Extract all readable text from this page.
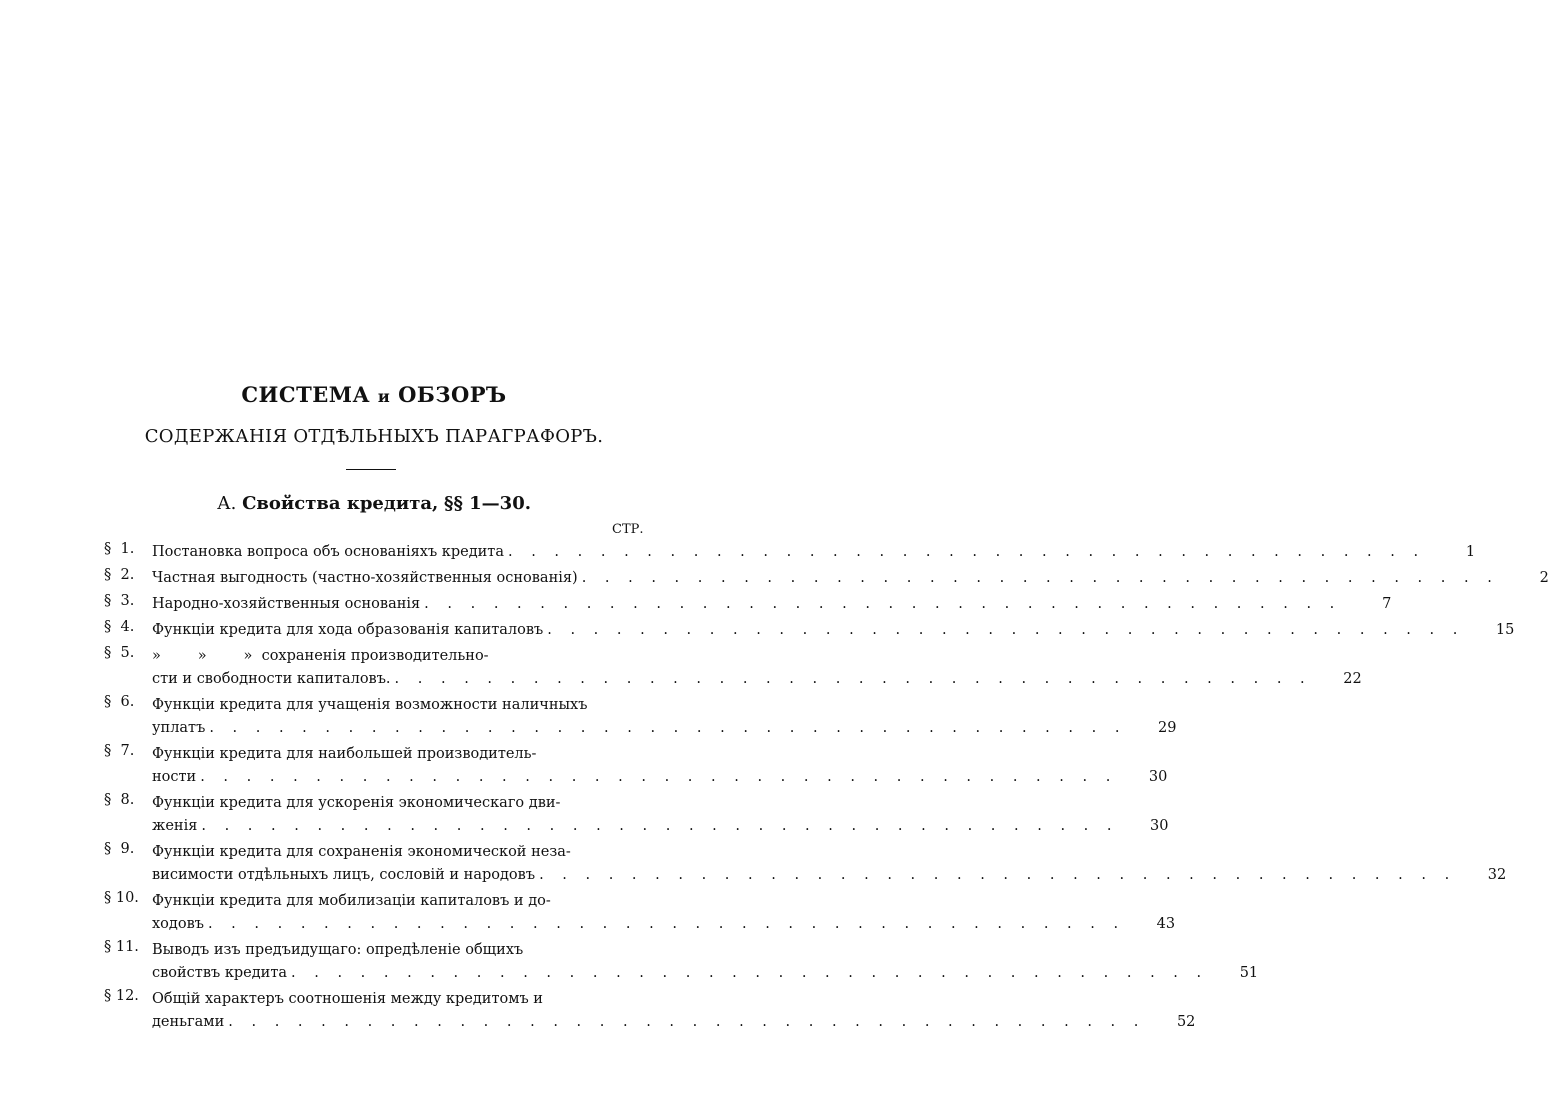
СИСТЕМА и ОБЗОРЪ
СОДЕРЖАНІЯ ОТДѢЛЬНЫХЪ ПАРАГРАФОРЪ.
А. Свойства кредита, §§ 1—30.
СТР.
§  1.	Постановка вопроса объ основаніяхъ кредита . . . . . . . . . . . . . . . . . . . . . . . . . . . . . . . . . . . . . . . .	1
§  2.	Частная выгодность (частно-хозяйственныя основанія) . . . . . . . . . . . . . . . . . . . . . . . . . . . . . . . . . . . . . . . .	2
§  3.	Народно-хозяйственныя основанія . . . . . . . . . . . . . . . . . . . . . . . . . . . . . . . . . . . . . . . .	7
§  4.	Функціи кредита для хода образованія капиталовъ . . . . . . . . . . . . . . . . . . . . . . . . . . . . . . . . . . . . . . . .	15
§  5.	»        »        »  сохраненія производительно-
сти и свободности капиталовъ. . . . . . . . . . . . . . . . . . . . . . . . . . . . . . . . . . . . . . . . .	22
§  6.	Функціи кредита для учащенія возможности наличныхъ
уплатъ . . . . . . . . . . . . . . . . . . . . . . . . . . . . . . . . . . . . . . . .	29
§  7.	Функціи кредита для наибольшей производитель-
ности . . . . . . . . . . . . . . . . . . . . . . . . . . . . . . . . . . . . . . . .	30
§  8.	Функціи кредита для ускоренія экономическаго дви-
женія . . . . . . . . . . . . . . . . . . . . . . . . . . . . . . . . . . . . . . . .	30
§  9.	Функціи кредита для сохраненія экономической неза-
висимости отдѣльныхъ лицъ, сословій и народовъ . . . . . . . . . . . . . . . . . . . . . . . . . . . . . . . . . . . . . . . .	32
§ 10. Функціи кредита для мобилизаціи капиталовъ и до-
ходовъ . . . . . . . . . . . . . . . . . . . . . . . . . . . . . . . . . . . . . . . .	43
§ 11. Выводъ изъ предъидущаго: опредѣленіе общихъ
свойствъ кредита . . . . . . . . . . . . . . . . . . . . . . . . . . . . . . . . . . . . . . . .	51
§ 12. Общій характеръ соотношенія между кредитомъ и
деньгами . . . . . . . . . . . . . . . . . . . . . . . . . . . . . . . . . . . . . . . .	52
